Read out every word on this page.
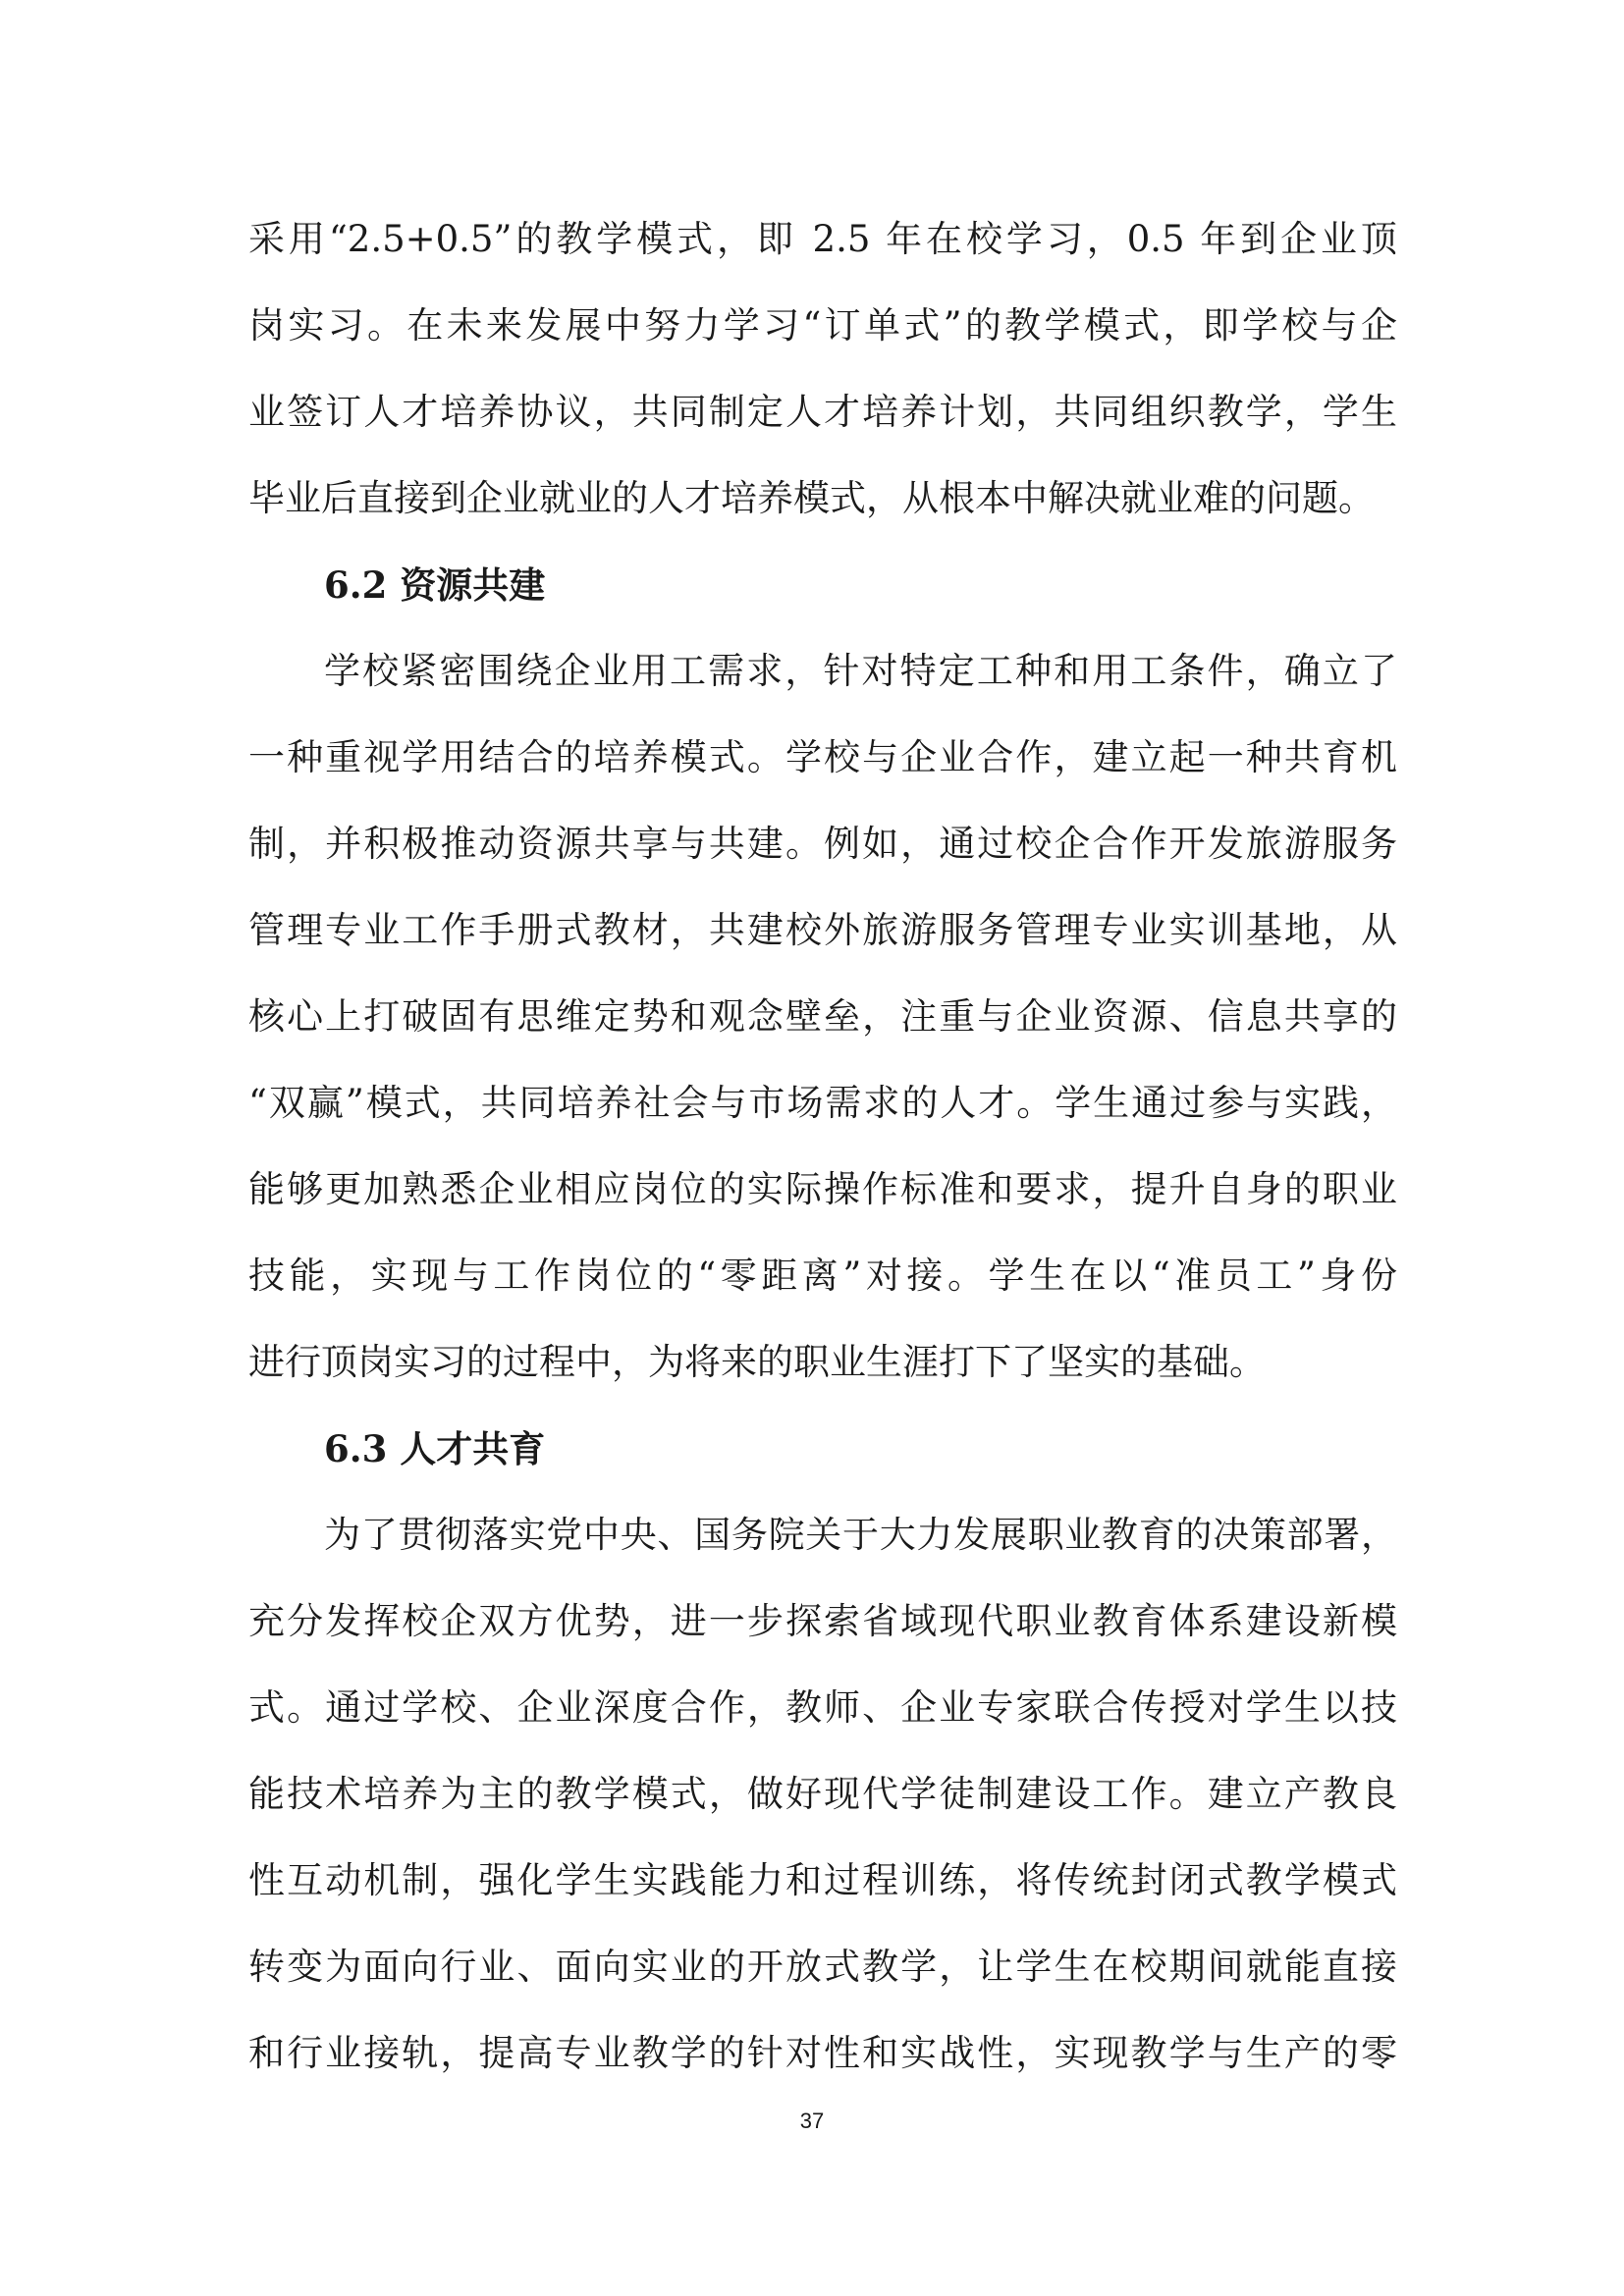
采用“2.5+0.5”的教学模式，即 2.5 年在校学习，0.5 年到企业顶
岗实习。在未来发展中努力学习“订单式”的教学模式，即学校与企
业签订人才培养协议，共同制定人才培养计划，共同组织教学，学生
毕业后直接到企业就业的人才培养模式，从根本中解决就业难的问题。
6.2 资源共建
学校紧密围绕企业用工需求，针对特定工种和用工条件，确立了
一种重视学用结合的培养模式。学校与企业合作，建立起一种共育机
制，并积极推动资源共享与共建。例如，通过校企合作开发旅游服务
管理专业工作手册式教材，共建校外旅游服务管理专业实训基地，从
核心上打破固有思维定势和观念壁垒，注重与企业资源、信息共享的
“双赢”模式，共同培养社会与市场需求的人才。学生通过参与实践，
能够更加熟悉企业相应岗位的实际操作标准和要求，提升自身的职业
技能，实现与工作岗位的“零距离”对接。学生在以“准员工”身份
进行顶岗实习的过程中，为将来的职业生涯打下了坚实的基础。
6.3 人才共育
为了贯彻落实党中央、国务院关于大力发展职业教育的决策部署，
充分发挥校企双方优势，进一步探索省域现代职业教育体系建设新模
式。通过学校、企业深度合作，教师、企业专家联合传授对学生以技
能技术培养为主的教学模式，做好现代学徒制建设工作。建立产教良
性互动机制，强化学生实践能力和过程训练，将传统封闭式教学模式
转变为面向行业、面向实业的开放式教学，让学生在校期间就能直接
和行业接轨，提高专业教学的针对性和实战性，实现教学与生产的零
37
